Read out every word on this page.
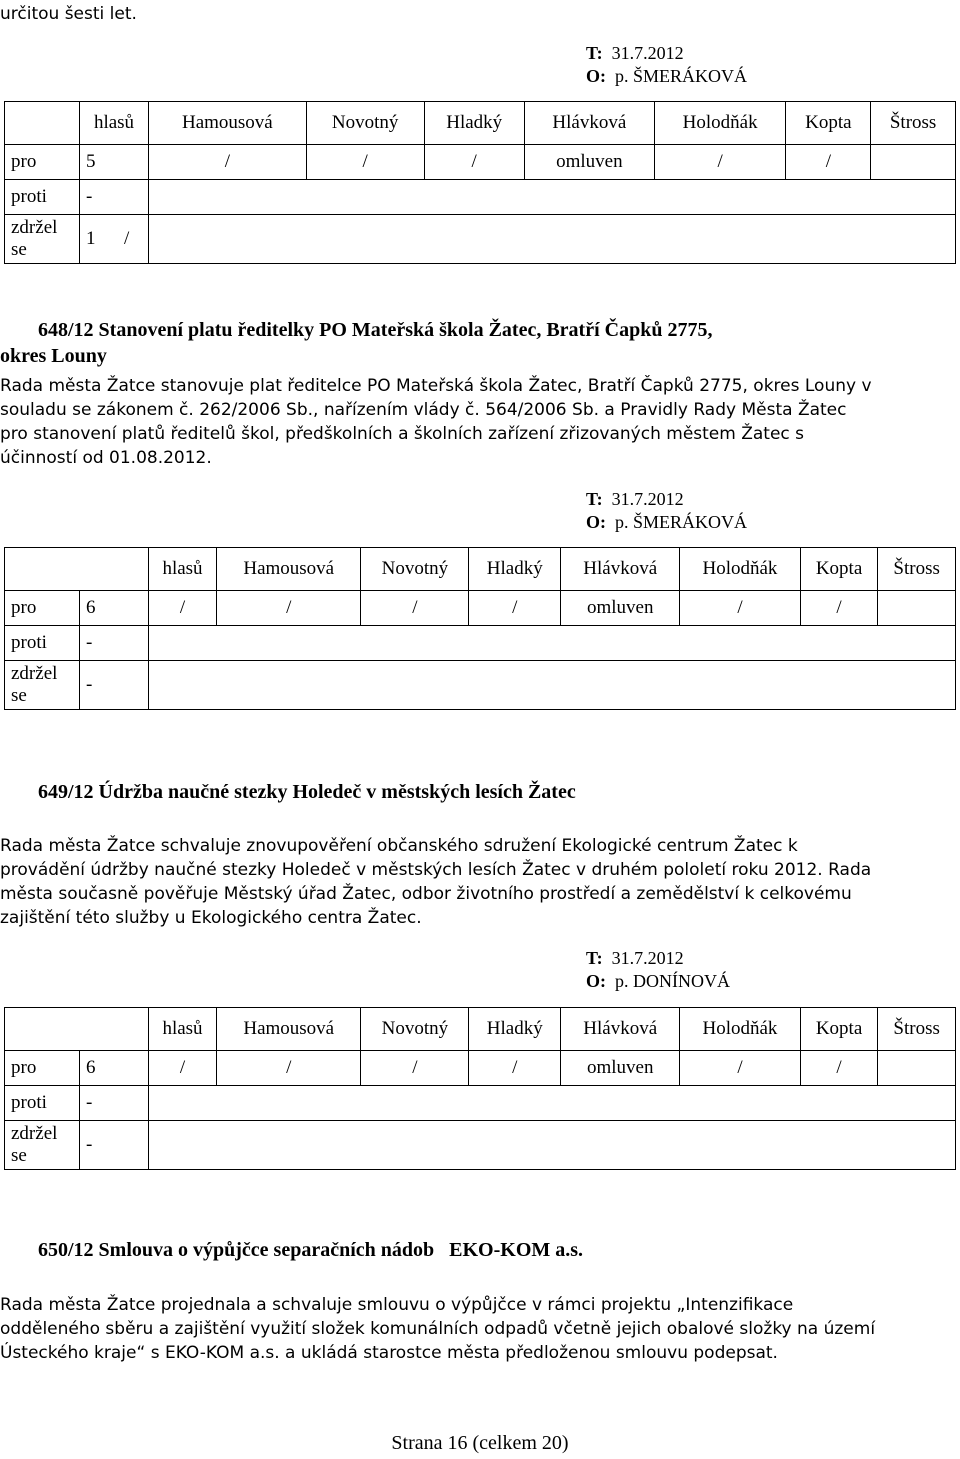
určitou šesti let.
T: 31.7.2012
O: p. ŠMERÁKOVÁ
	hlasů	Hamousová	Novotný	Hladký	Hlávková	Holodňák	Kopta	Štross
pro	5	/	/	/	omluven	/	/	
proti	-							
zdržel
se	1 /							
648/12 Stanovení platu ředitelky PO Mateřská škola Žatec, Bratří Čapků 2775,
okres Louny
Rada města Žatce stanovuje plat ředitelce PO Mateřská škola Žatec, Bratří Čapků 2775, okres Louny v
souladu se zákonem č. 262/2006 Sb., nařízením vlády č. 564/2006 Sb. a Pravidly Rady Města Žatec
pro stanovení platů ředitelů škol, předškolních a školních zařízení zřizovaných městem Žatec s
účinností od 01.08.2012.
T: 31.7.2012
O: p. ŠMERÁKOVÁ
		hlasů	Hamousová	Novotný	Hladký	Hlávková	Holodňák	Kopta	Štross
pro	6	/	/	/	/	omluven	/	/	
proti	-								
zdržel
se	-								
649/12 Údržba naučné stezky Holedeč v městských lesích Žatec
Rada města Žatce schvaluje znovupověření občanského sdružení Ekologické centrum Žatec k
provádění údržby naučné stezky Holedeč v městských lesích Žatec v druhém pololetí roku 2012. Rada
města současně pověřuje Městský úřad Žatec, odbor životního prostředí a zemědělství k celkovému
zajištění této služby u Ekologického centra Žatec.
T: 31.7.2012
O: p. DONÍNOVÁ
		hlasů	Hamousová	Novotný	Hladký	Hlávková	Holodňák	Kopta	Štross
pro	6	/	/	/	/	omluven	/	/	
proti	-								
zdržel
se	-								
650/12 Smlouva o výpůjčce separačních nádob   EKO-KOM a.s.
Rada města Žatce projednala a schvaluje smlouvu o výpůjčce v rámci projektu „Intenzifikace
odděleného sběru a zajištění využití složek komunálních odpadů včetně jejich obalové složky na území
Ústeckého kraje“ s EKO-KOM a.s. a ukládá starostce města předloženou smlouvu podepsat.
Strana 16 (celkem 20)
